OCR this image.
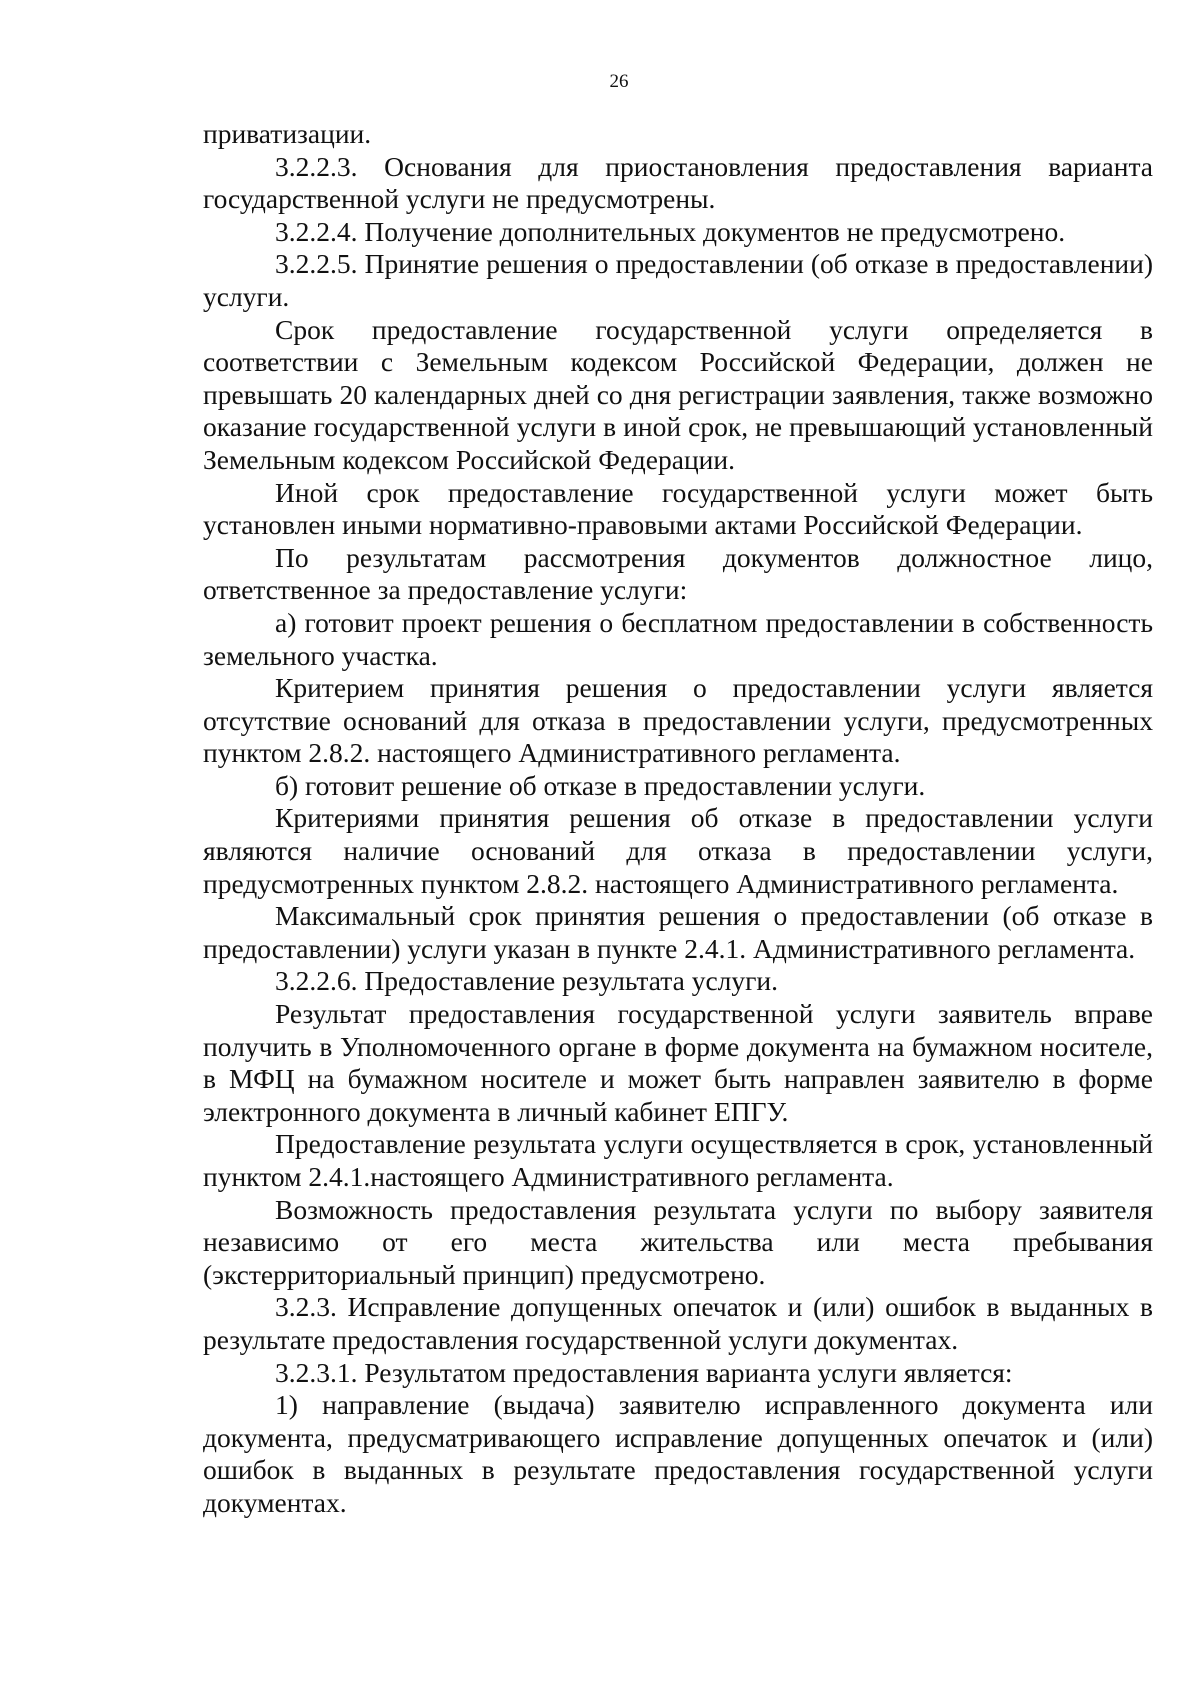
26

приватизации.

3.2.2.3. Основания для приостановления предоставления варианта государственной услуги не предусмотрены.

3.2.2.4. Получение дополнительных документов не предусмотрено.

3.2.2.5. Принятие решения о предоставлении (об отказе в предоставлении) услуги.

Срок предоставление государственной услуги определяется в соответствии с Земельным кодексом Российской Федерации, должен не превышать 20 календарных дней со дня регистрации заявления, также возможно оказание государственной услуги в иной срок, не превышающий установленный Земельным кодексом Российской Федерации.

Иной срок предоставление государственной услуги может быть установлен иными нормативно-правовыми актами Российской Федерации.

По результатам рассмотрения документов должностное лицо, ответственное за предоставление услуги:

а) готовит проект решения о бесплатном предоставлении в собственность земельного участка.

Критерием принятия решения о предоставлении услуги является отсутствие оснований для отказа в предоставлении услуги, предусмотренных пунктом 2.8.2. настоящего Административного регламента.

б) готовит решение об отказе в предоставлении услуги.

Критериями принятия решения об отказе в предоставлении услуги являются наличие оснований для отказа в предоставлении услуги, предусмотренных пунктом 2.8.2. настоящего Административного регламента.

Максимальный срок принятия решения о предоставлении (об отказе в предоставлении) услуги указан в пункте 2.4.1. Административного регламента.

3.2.2.6. Предоставление результата услуги.

Результат предоставления государственной услуги заявитель вправе получить в Уполномоченного органе в форме документа на бумажном носителе, в МФЦ на бумажном носителе и может быть направлен заявителю в форме электронного документа в личный кабинет ЕПГУ.

Предоставление результата услуги осуществляется в срок, установленный пунктом 2.4.1.настоящего Административного регламента.

Возможность предоставления результата услуги по выбору заявителя независимо от его места жительства или места пребывания (экстерриториальный принцип) предусмотрено.

3.2.3. Исправление допущенных опечаток и (или) ошибок в выданных в результате предоставления государственной услуги документах.

3.2.3.1. Результатом предоставления варианта услуги является:

1) направление (выдача) заявителю исправленного документа или документа, предусматривающего исправление допущенных опечаток и (или) ошибок в выданных в результате предоставления государственной услуги документах.
